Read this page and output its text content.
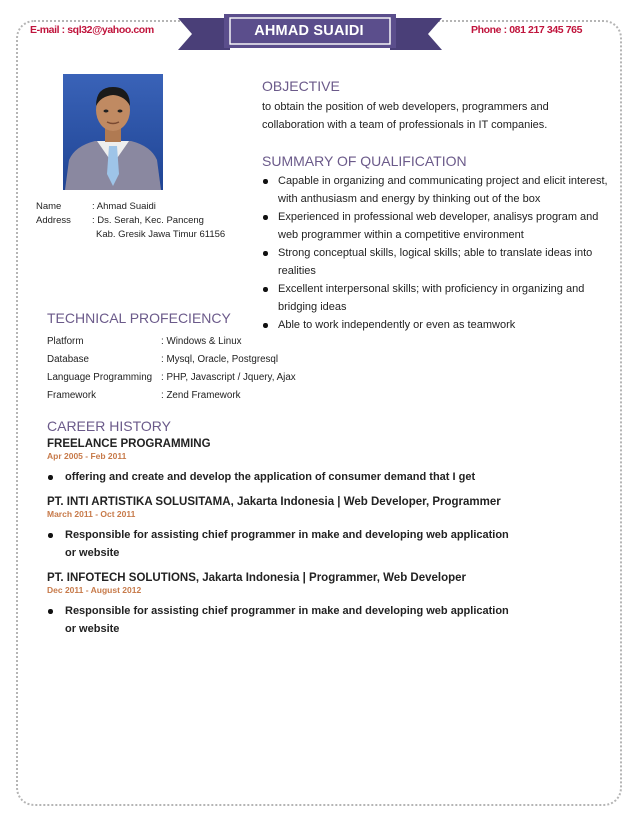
E-mail : sql32@yahoo.com	Phone : 081 217 345 765
AHMAD SUAIDI
Name	: Ahmad Suaidi
Address	: Ds. Serah, Kec. Panceng
Kab. Gresik Jawa Timur 61156
OBJECTIVE
to obtain the position of web developers, programmers and collaboration with a team of professionals in IT companies.
SUMMARY OF QUALIFICATION
Capable in organizing and communicating project and elicit interest, with anthusiasm and energy by thinking out of the box
Experienced in professional web developer, analisys program and web programmer within a competitive environment
Strong conceptual skills, logical skills; able to translate ideas into realities
Excellent interpersonal skills; with proficiency in organizing and bridging ideas
Able to work independently or even as teamwork
TECHNICAL PROFECIENCY
Platform	: Windows & Linux
Database	: Mysql, Oracle, Postgresql
Language Programming	: PHP, Javascript / Jquery, Ajax
Framework	: Zend Framework
CAREER HISTORY
FREELANCE PROGRAMMING
Apr 2005 - Feb 2011
offering and create and develop the application of consumer demand that I get
PT. INTI ARTISTIKA SOLUSITAMA, Jakarta Indonesia | Web Developer, Programmer
March 2011 - Oct 2011
Responsible for assisting chief programmer in make and developing web application or website
PT. INFOTECH SOLUTIONS, Jakarta Indonesia | Programmer, Web Developer
Dec 2011 - August 2012
Responsible for assisting chief programmer in make and developing web application or website
